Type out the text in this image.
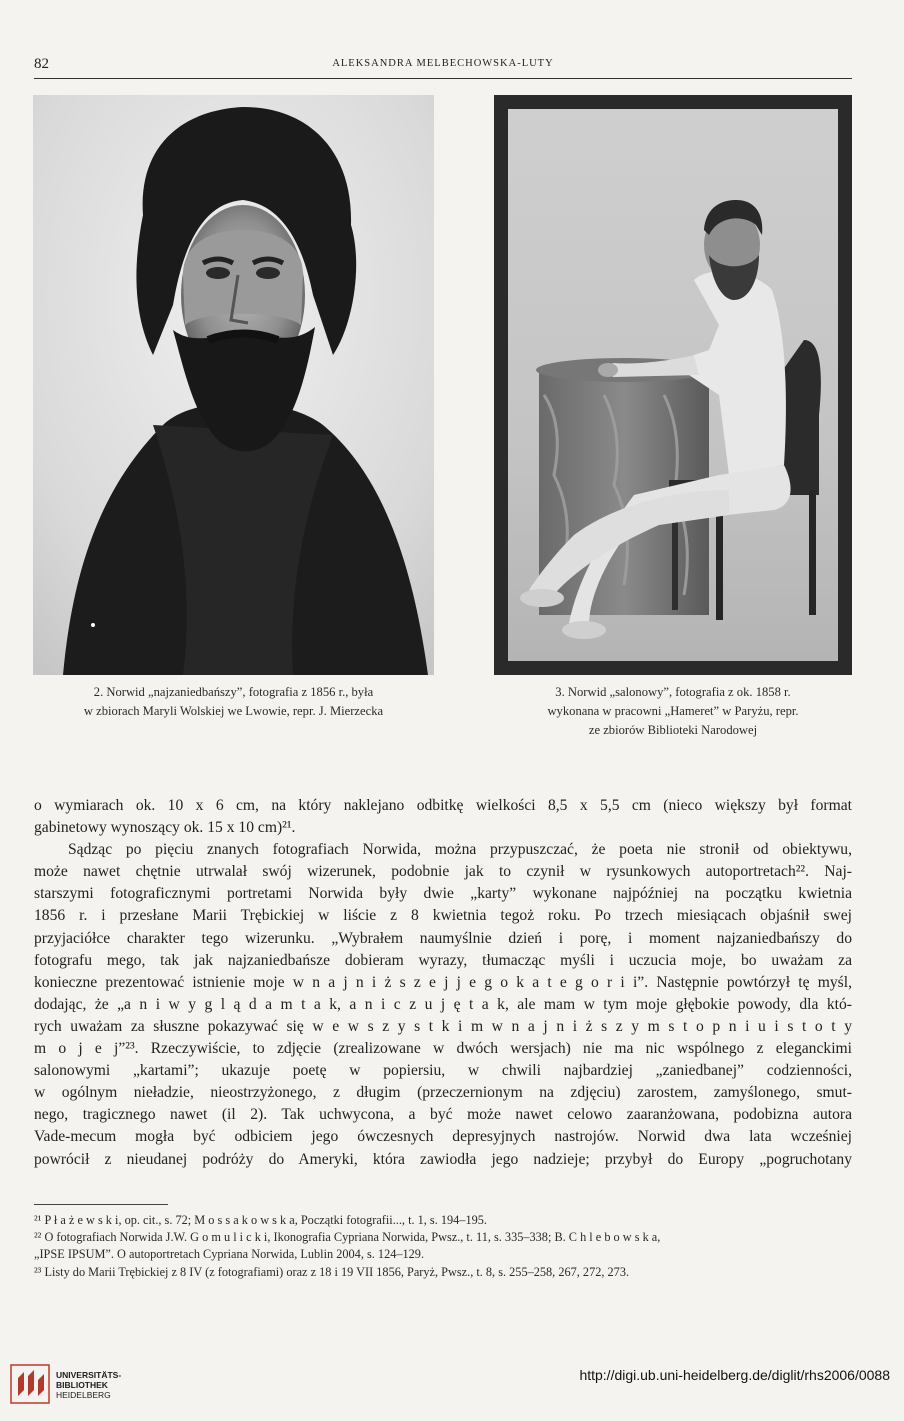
82	ALEKSANDRA MELBECHOWSKA-LUTY
2. Norwid „najzaniedbańszy”, fotografia z 1856 r., była
w zbiorach Maryli Wolskiej we Lwowie, repr. J. Mierzecka
3. Norwid „salonowy”, fotografia z ok. 1858 r.
wykonana w pracowni „Hameret” w Paryżu, repr.
ze zbiorów Biblioteki Narodowej
o wymiarach ok. 10 x 6 cm, na który naklejano odbitkę wielkości 8,5 x 5,5 cm (nieco większy był format
gabinetowy wynoszący ok. 15 x 10 cm)²¹.
Sądząc po pięciu znanych fotografiach Norwida, można przypuszczać, że poeta nie stronił od obiektywu,
może nawet chętnie utrwalał swój wizerunek, podobnie jak to czynił w rysunkowych autoportretach²². Naj-
starszymi fotograficznymi portretami Norwida były dwie „karty” wykonane najpóźniej na początku kwietnia
1856 r. i przesłane Marii Trębickiej w liście z 8 kwietnia tegoż roku. Po trzech miesiącach objaśnił swej
przyjaciółce charakter tego wizerunku. „Wybrałem naumyślnie dzień i porę, i moment najzaniedbańszy do
fotografu mego, tak jak najzaniedbańsze dobieram wyrazy, tłumacząc myśli i uczucia moje, bo uważam za
konieczne prezentować istnienie moje w n a j n i ż s z e j j e g o k a t e g o r i i”. Następnie powtórzył tę myśl,
dodając, że „a n i w y g l ą d a m t a k, a n i c z u j ę t a k, ale mam w tym moje głębokie powody, dla któ-
rych uważam za słuszne pokazywać się w e w s z y s t k i m w n a j n i ż s z y m s t o p n i u i s t o t y
m o j e j”²³. Rzeczywiście, to zdjęcie (zrealizowane w dwóch wersjach) nie ma nic wspólnego z eleganckimi
salonowymi „kartami”; ukazuje poetę w popiersiu, w chwili najbardziej „zaniedbanej” codzienności,
w ogólnym nieładzie, nieostrzyżonego, z długim (przeczernionym na zdjęciu) zarostem, zamyślonego, smut-
nego, tragicznego nawet (il 2). Tak uchwycona, a być może nawet celowo zaaranżowana, podobizna autora
Vade-mecum mogła być odbiciem jego ówczesnych depresyjnych nastrojów. Norwid dwa lata wcześniej
powrócił z nieudanej podróży do Ameryki, która zawiodła jego nadzieje; przybył do Europy „pogruchotany
²¹ P ł a ż e w s k i, op. cit., s. 72; M o s s a k o w s k a, Początki fotografii..., t. 1, s. 194–195.
²² O fotografiach Norwida J.W. G o m u l i c k i, Ikonografia Cypriana Norwida, Pwsz., t. 11, s. 335–338; B. C h l e b o w s k a,
„IPSE IPSUM”. O autoportretach Cypriana Norwida, Lublin 2004, s. 124–129.
²³ Listy do Marii Trębickiej z 8 IV (z fotografiami) oraz z 18 i 19 VII 1856, Paryż, Pwsz., t. 8, s. 255–258, 267, 272, 273.
UNIVERSITÄTS-
BIBLIOTHEK
HEIDELBERG
http://digi.ub.uni-heidelberg.de/diglit/rhs2006/0088
